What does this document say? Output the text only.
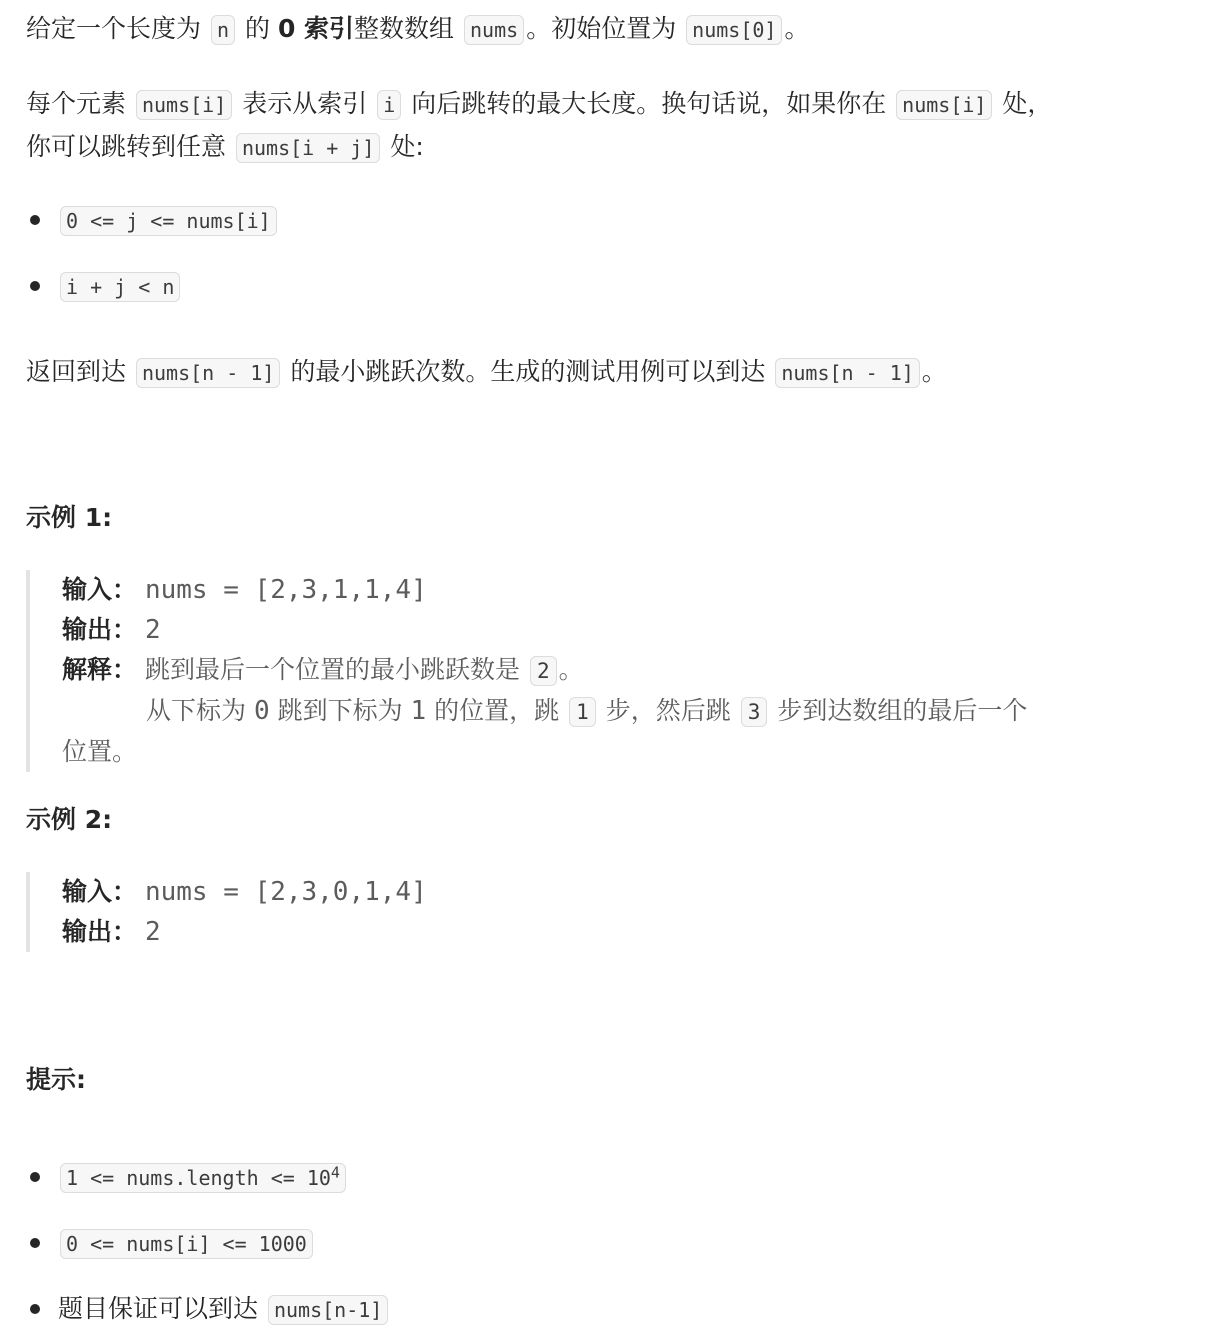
给定一个长度为 n 的 0 索引整数数组 nums 。初始位置为 nums[0] 。

每个元素 nums[i] 表示从索引 i 向后跳转的最大长度。换句话说，如果你在 nums[i] 处，
你可以跳转到任意 nums[i + j] 处:

0 <= j <= nums[i]
i + j < n

返回到达 nums[n - 1] 的最小跳跃次数。生成的测试用例可以到达 nums[n - 1] 。

示例 1:
输入： nums = [2,3,1,1,4]
输出： 2
解释： 跳到最后一个位置的最小跳跃数是 2 。
从下标为 0 跳到下标为 1 的位置，跳 1 步，然后跳 3 步到达数组的最后一个
位置。
示例 2:
输入： nums = [2,3,0,1,4]
输出： 2
提示:
1 <= nums.length <= $10^4$
0 <= nums[i] <= 1000
题目保证可以到达 nums[n-1]
